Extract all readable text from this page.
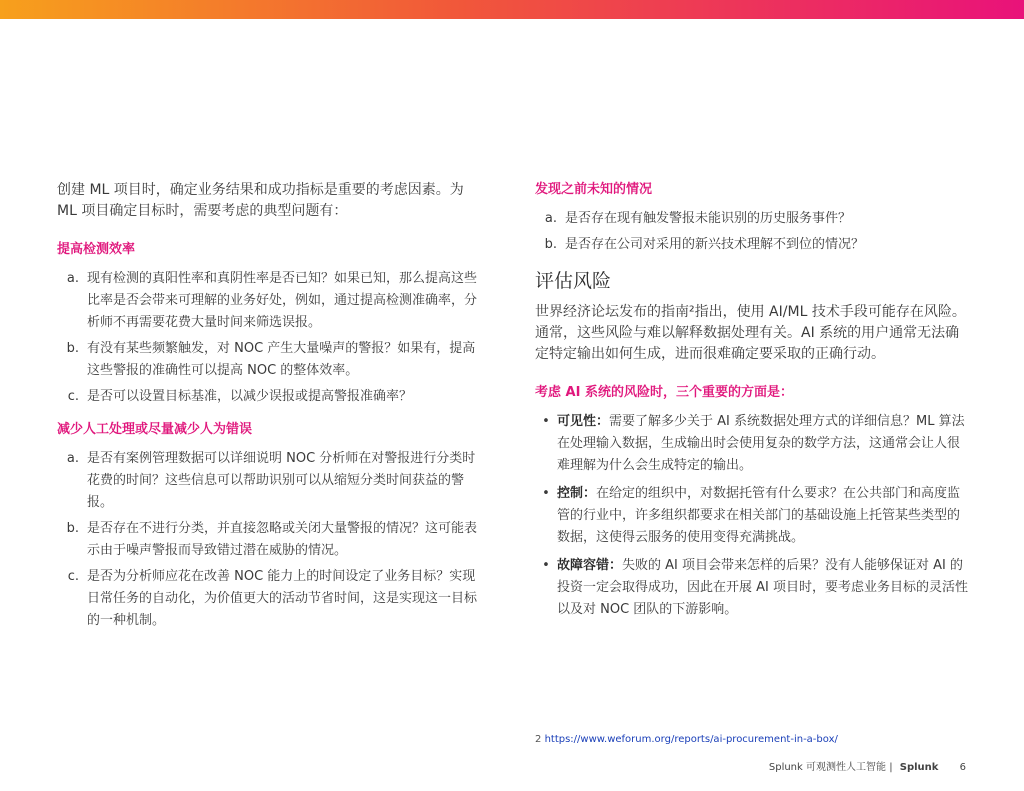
创建 ML 项目时，确定业务结果和成功指标是重要的考虑因素。为 ML 项目确定目标时，需要考虑的典型问题有：

提高检测效率
a. 现有检测的真阳性率和真阴性率是否已知？如果已知，那么提高这些比率是否会带来可理解的业务好处，例如，通过提高检测准确率，分析师不再需要花费大量时间来筛选误报。
b. 有没有某些频繁触发，对 NOC 产生大量噪声的警报？如果有，提高这些警报的准确性可以提高 NOC 的整体效率。
c. 是否可以设置目标基准，以减少误报或提高警报准确率？
减少人工处理或尽量减少人为错误
a. 是否有案例管理数据可以详细说明 NOC 分析师在对警报进行分类时花费的时间？这些信息可以帮助识别可以从缩短分类时间获益的警报。
b. 是否存在不进行分类，并直接忽略或关闭大量警报的情况？这可能表示由于噪声警报而导致错过潜在威胁的情况。
c. 是否为分析师应花在改善 NOC 能力上的时间设定了业务目标？实现日常任务的自动化，为价值更大的活动节省时间，这是实现这一目标的一种机制。
发现之前未知的情况
a. 是否存在现有触发警报未能识别的历史服务事件？
b. 是否存在公司对采用的新兴技术理解不到位的情况？
评估风险

世界经济论坛发布的指南²指出，使用 AI/ML 技术手段可能存在风险。通常，这些风险与难以解释数据处理有关。AI 系统的用户通常无法确定特定输出如何生成，进而很难确定要采取的正确行动。

考虑 AI 系统的风险时，三个重要的方面是：
• 可见性：需要了解多少关于 AI 系统数据处理方式的详细信息？ML 算法在处理输入数据，生成输出时会使用复杂的数学方法，这通常会让人很难理解为什么会生成特定的输出。
• 控制：在给定的组织中，对数据托管有什么要求？在公共部门和高度监管的行业中，许多组织都要求在相关部门的基础设施上托管某些类型的数据，这使得云服务的使用变得充满挑战。
• 故障容错：失败的 AI 项目会带来怎样的后果？没有人能够保证对 AI 的投资一定会取得成功，因此在开展 AI 项目时，要考虑业务目标的灵活性以及对 NOC 团队的下游影响。
2 https://www.weforum.org/reports/ai-procurement-in-a-box/
Splunk 可观测性人工智能 | Splunk 6
